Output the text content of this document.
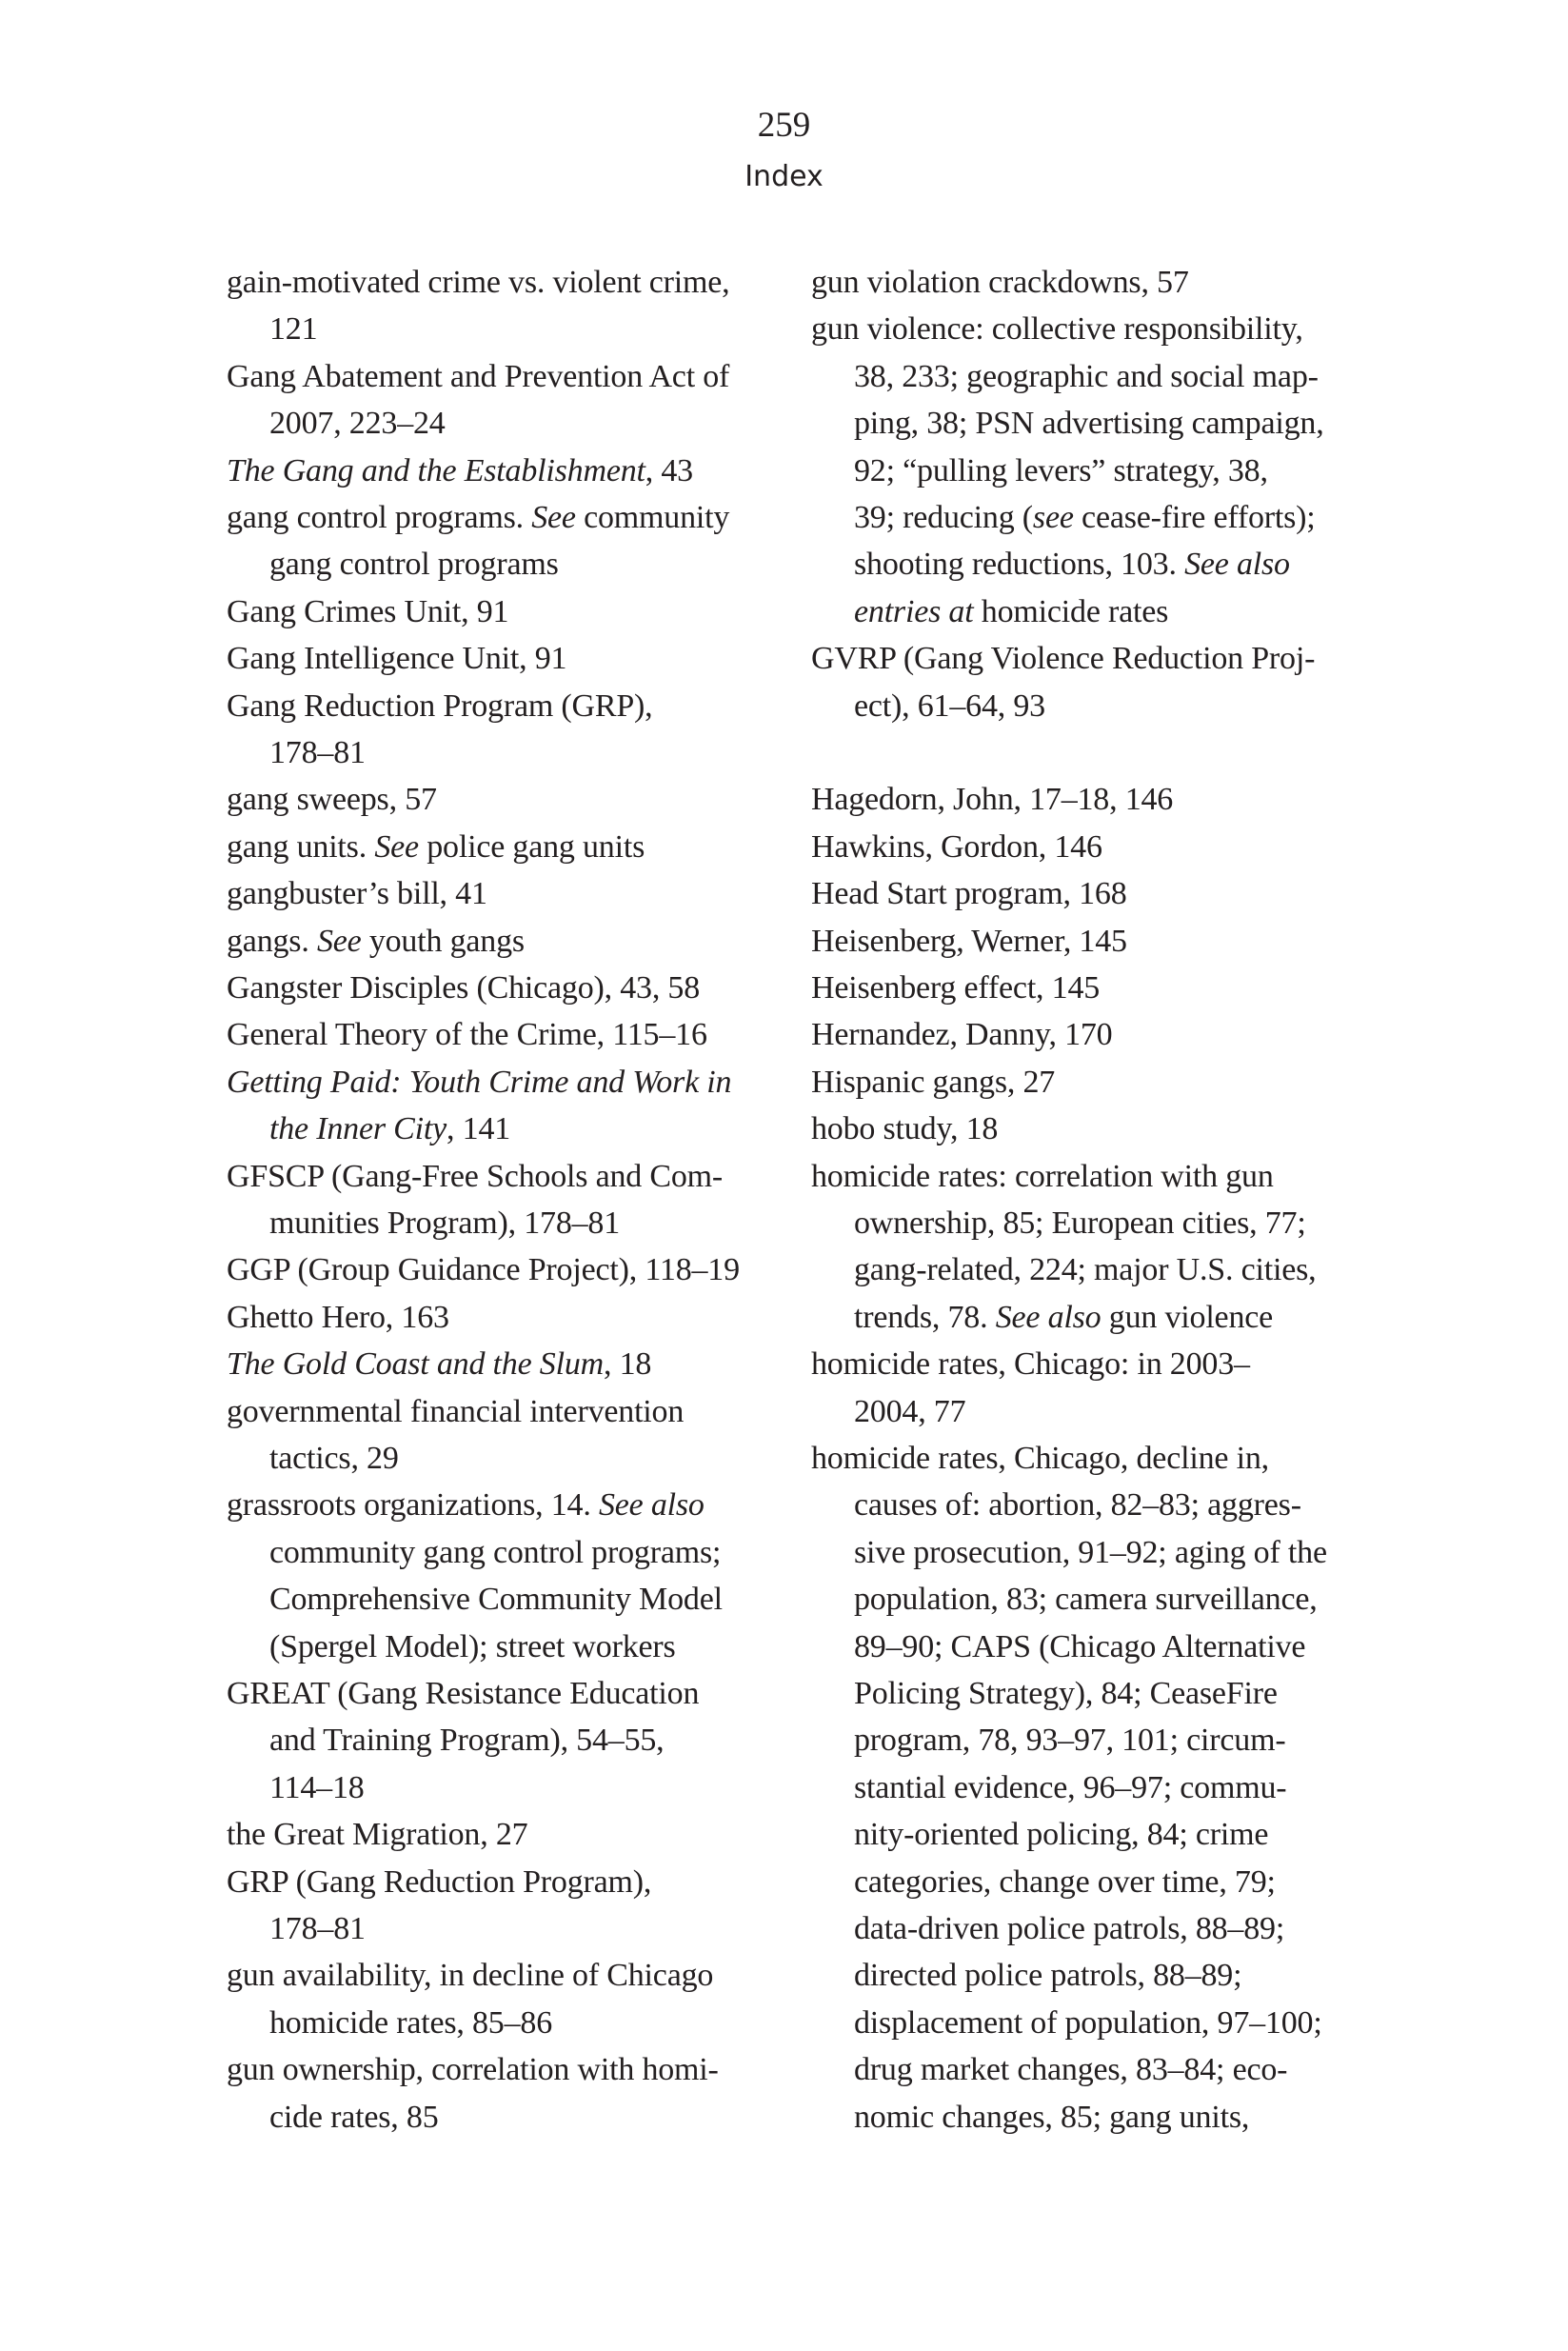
259
Index
gain-motivated crime vs. violent crime,
121
Gang Abatement and Prevention Act of
2007, 223–24
The Gang and the Establishment, 43
gang control programs. See community
gang control programs
Gang Crimes Unit, 91
Gang Intelligence Unit, 91
Gang Reduction Program (GRP),
178–81
gang sweeps, 57
gang units. See police gang units
gangbuster’s bill, 41
gangs. See youth gangs
Gangster Disciples (Chicago), 43, 58
General Theory of the Crime, 115–16
Getting Paid: Youth Crime and Work in
the Inner City, 141
GFSCP (Gang-Free Schools and Com-
munities Program), 178–81
GGP (Group Guidance Project), 118–19
Ghetto Hero, 163
The Gold Coast and the Slum, 18
governmental financial intervention
tactics, 29
grassroots organizations, 14. See also
community gang control programs;
Comprehensive Community Model
(Spergel Model); street workers
GREAT (Gang Resistance Education
and Training Program), 54–55,
114–18
the Great Migration, 27
GRP (Gang Reduction Program),
178–81
gun availability, in decline of Chicago
homicide rates, 85–86
gun ownership, correlation with homi-
cide rates, 85
gun violation crackdowns, 57
gun violence: collective responsibility,
38, 233; geographic and social map-
ping, 38; PSN advertising campaign,
92; “pulling levers” strategy, 38,
39; reducing (see cease-fire efforts);
shooting reductions, 103. See also
entries at homicide rates
GVRP (Gang Violence Reduction Proj-
ect), 61–64, 93
Hagedorn, John, 17–18, 146
Hawkins, Gordon, 146
Head Start program, 168
Heisenberg, Werner, 145
Heisenberg effect, 145
Hernandez, Danny, 170
Hispanic gangs, 27
hobo study, 18
homicide rates: correlation with gun
ownership, 85; European cities, 77;
gang-related, 224; major U.S. cities,
trends, 78. See also gun violence
homicide rates, Chicago: in 2003–
2004, 77
homicide rates, Chicago, decline in,
causes of: abortion, 82–83; aggres-
sive prosecution, 91–92; aging of the
population, 83; camera surveillance,
89–90; CAPS (Chicago Alternative
Policing Strategy), 84; CeaseFire
program, 78, 93–97, 101; circum-
stantial evidence, 96–97; commu-
nity-oriented policing, 84; crime
categories, change over time, 79;
data-driven police patrols, 88–89;
directed police patrols, 88–89;
displacement of population, 97–100;
drug market changes, 83–84; eco-
nomic changes, 85; gang units,
